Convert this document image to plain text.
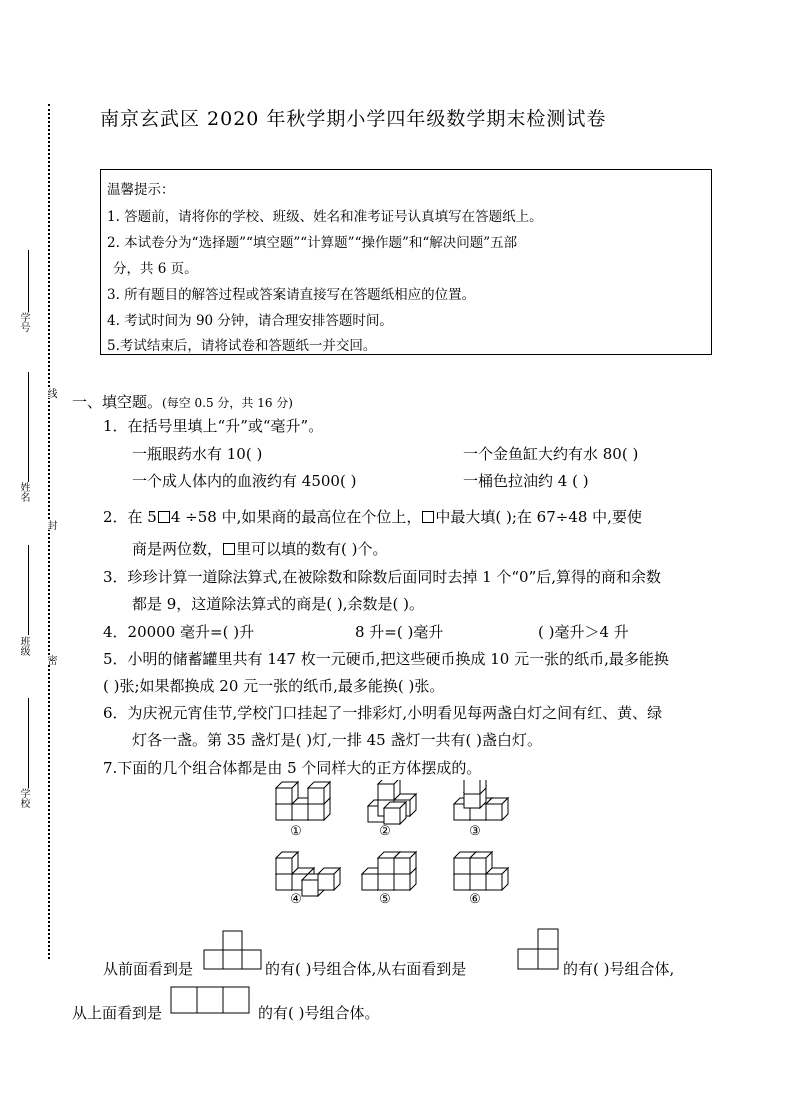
南京玄武区 2020 年秋学期小学四年级数学期末检测试卷
温馨提示：
1. 答题前，请将你的学校、班级、姓名和准考证号认真填写在答题纸上。
2. 本试卷分为“选择题”“填空题”“计算题”“操作题”和“解决问题”五部
分，共 6 页。
3. 所有题目的解答过程或答案请直接写在答题纸相应的位置。
4. 考试时间为 90 分钟，请合理安排答题时间。
5.考试结束后，请将试卷和答题纸一并交回。
学号
姓名
班级
学校
线
封
密
一、填空题。(每空 0.5 分，共 16 分)
1．在括号里填上“升”或“毫升”。
一瓶眼药水有 10( )	一个金鱼缸大约有水 80( )
一个成人体内的血液约有 4500( )	一桶色拉油约 4 ( )
2．在 5 4 ÷58 中,如果商的最高位在个位上， 中最大填( );在 67÷48 中,要使
商是两位数， 里可以填的数有( )个。
3．珍珍计算一道除法算式,在被除数和除数后面同时去掉 1 个“0”后,算得的商和余数
都是 9，这道除法算式的商是( ),余数是( )。
4．20000 毫升=( )升	8 升=( )毫升	( )毫升＞4 升
5．小明的储蓄罐里共有 147 枚一元硬币,把这些硬币换成 10 元一张的纸币,最多能换
( )张;如果都换成 20 元一张的纸币,最多能换( )张。
6．为庆祝元宵佳节,学校门口挂起了一排彩灯,小明看见每两盏白灯之间有红、黄、绿
灯各一盏。第 35 盏灯是( )灯,一排 45 盏灯一共有( )盏白灯。
7.下面的几个组合体都是由 5 个同样大的正方体摆成的。
①	②	③
④	⑤	⑥
从前面看到是	的有( )号组合体,从右面看到是	的有( )号组合体,
从上面看到是	的有( )号组合体。
